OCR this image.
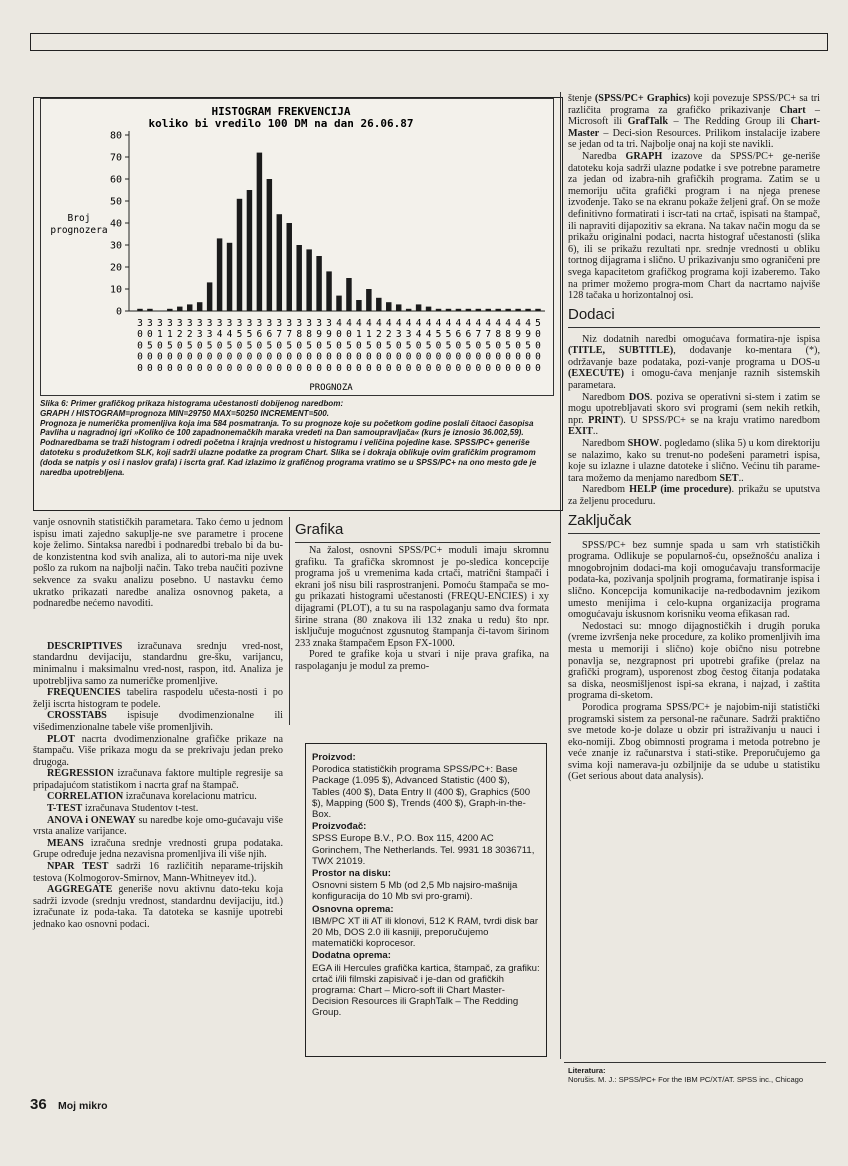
HISTOGRAM FREKVENCIJA
koliko bi vredilo 100 DM na dan 26.06.87
Broj
prognozera
PROGNOZA
0
10
20
30
40
50
60
70
80
3
0
0
0
0
3
0
5
0
0
3
1
0
0
0
3
1
5
0
0
3
2
0
0
0
3
2
5
0
0
3
3
0
0
0
3
3
5
0
0
3
4
0
0
0
3
4
5
0
0
3
5
0
0
0
3
5
5
0
0
3
6
0
0
0
3
6
5
0
0
3
7
0
0
0
3
7
5
0
0
3
8
0
0
0
3
8
5
0
0
3
9
0
0
0
3
9
5
0
0
4
0
0
0
0
4
0
5
0
0
4
1
0
0
0
4
1
5
0
0
4
2
0
0
0
4
2
5
0
0
4
3
0
0
0
4
3
5
0
0
4
4
0
0
0
4
4
5
0
0
4
5
0
0
0
4
5
5
0
0
4
6
0
0
0
4
6
5
0
0
4
7
0
0
0
4
7
5
0
0
4
8
0
0
0
4
8
5
0
0
4
9
0
0
0
4
9
5
0
0
5
0
0
0
0

Slika 6: Primer grafičkog prikaza histograma učestanosti dobijenog naredbom:

GRAPH / HISTOGRAM=prognoza MIN=29750 MAX=50250 INCREMENT=500.

Prognoza je numerička promenljiva koja ima 584 posmatranja. To su prognoze koje su početkom godine poslali čitaoci časopisa Pavliha u nagradnoj igri »Koliko će 100 zapadnonemačkih maraka vredeti na Dan samoupravljača« (kurs je iznosio 36.002,59). Podnaredbama se traži histogram i odredi početna i krajnja vrednost u histogramu i veličina pojedine kase. SPSS/PC+ generiše datoteku s produžetkom SLK, koji sadrži ulazne podatke za program Chart. Slika se i dokraja oblikuje ovim grafičkim programom (doda se natpis y osi i naslov grafa) i iscrta graf. Kad izlazimo iz grafičnog programa vratimo se u SPSS/PC+ na ono mesto gde je naredba upotrebljena.

vanje osnovnih statističkih parametara. Tako ćemo u jednom ispisu imati zajedno sakuplje-ne sve parametre i procene koje želimo. Sintaksa naredbi i podnaredbi trebalo bi da bu-de konzistentna kod svih analiza, ali to autori-ma nije uvek pošlo za rukom na najbolji način. Tako treba naučiti pozivne sekvence za svaku analizu posebno. U nastavku ćemo ukratko prikazati naredbe analiza osnovnog paketa, a podnaredbe nećemo navoditi.

DESCRIPTIVES izračunava srednju vred-nost, standardnu devijaciju, standardnu gre-šku, varijancu, minimalnu i maksimalnu vred-nost, raspon, itd. Analiza je upotrebljiva samo za numeričke promenljive.

FREQUENCIES tabelira raspodelu učesta-nosti i po želji iscrta histogram te podele.

CROSSTABS ispisuje dvodimenzionalne ili višedimenzionalne tabele više promenljivih.

PLOT nacrta dvodimenzionalne grafičke prikaze na štampaču. Više prikaza mogu da se prekrivaju jedan preko drugoga.

REGRESSION izračunava faktore multiple regresije sa pripadajućom statistikom i nacrta graf na štampač.

CORRELATION izračunava korelacionu matricu.

T-TEST izračunava Studentov t-test.

ANOVA i ONEWAY su naredbe koje omo-gućavaju više vrsta analize varijance.

MEANS izračuna srednje vrednosti grupa podataka. Grupe određuje jedna nezavisna promenljiva ili više njih.

NPAR TEST sadrži 16 različitih neparame-trijskih testova (Kolmogorov-Smirnov, Mann-Whitneyev itd.).

AGGREGATE generiše novu aktivnu dato-teku koja sadrži izvode (srednju vrednost, standardnu devijaciju, itd.) izračunate iz poda-taka. Ta datoteka se kasnije upotrebi jednako kao osnovni podaci.

Grafika

Na žalost, osnovni SPSS/PC+ moduli imaju skromnu grafiku. Ta grafička skromnost je po-sledica koncepcije programa još u vremenima kada crtači, matrični štampači i ekrani još nisu bili rasprostranjeni. Pomoću štampača se mo-gu prikazati histogrami učestanosti (FREQU-ENCIES) i xy dijagrami (PLOT), a tu su na raspolaganju samo dva formata širine strana (80 znakova ili 132 znaka u redu) što npr. isključuje mogućnost zgusnutog štampanja či-tavom širinom 233 znaka štampačem Epson FX-1000.

Pored te grafike koja u stvari i nije prava grafika, na raspolaganju je modul za premo-

Proizvod:

Porodica statističkih programa SPSS/PC+: Base Package (1.095 $), Advanced Statistic (400 $), Tables (400 $), Data Entry II (400 $), Graphics (500 $), Mapping (500 $), Trends (400 $), Graph-in-the-Box.

Proizvođač:

SPSS Europe B.V., P.O. Box 115, 4200 AC Gorinchem, The Netherlands. Tel. 9931 18 3036711, TWX 21019.

Prostor na disku:

Osnovni sistem 5 Mb (od 2,5 Mb najsiro-mašnija konfiguracija do 10 Mb svi pro-grami).

Osnovna oprema:

IBM/PC XT ili AT ili klonovi, 512 K RAM, tvrdi disk bar 20 Mb, DOS 2.0 ili kasniji, preporučujemo matematički koprocesor.

Dodatna oprema:

EGA ili Hercules grafička kartica, štampač, za grafiku: crtač i/ili filmski zapisivač i je-dan od grafičkih programa: Chart – Micro-soft ili Chart Master-Decision Resources ili GraphTalk – The Redding Group.

štenje (SPSS/PC+ Graphics) koji povezuje SPSS/PC+ sa tri različita programa za grafičko prikazivanje Chart – Microsoft ili GrafTalk – The Redding Group ili Chart-Master – Deci-sion Resources. Prilikom instalacije izabere se jedan od ta tri. Najbolje onaj na koji ste navikli.

Naredba GRAPH izazove da SPSS/PC+ ge-neriše datoteku koja sadrži ulazne podatke i sve potrebne parametre za jedan od izabra-nih grafičkih programa. Zatim se u memoriju učita grafički program i na njega prenese izvođenje. Tako se na ekranu pokaže željeni graf. On se može definitivno formatirati i iscr-tati na crtač, ispisati na štampač, ili napraviti dijapozitiv sa ekrana. Na takav način mogu da se prikažu originalni podaci, nacrta histograf učestanosti (slika 6), ili se prikažu rezultati npr. srednje vrednosti u obliku tortnog dijagrama i slično. U prikazivanju smo ograničeni pre svega kapacitetom grafičkog programa koji izaberemo. Tako na primer možemo progra-mom Chart da nacrtamo najviše 128 tačaka u horizontalnoj osi.

Dodaci

Niz dodatnih naredbi omogućava formatira-nje ispisa (TITLE, SUBTITLE), dodavanje ko-mentara (*), održavanje baze podataka, pozi-vanje programa u DOS-u (EXECUTE) i omogu-ćava menjanje raznih sistemskih parametara.

Naredbom DOS. poziva se operativni si-stem i zatim se mogu upotrebljavati skoro svi programi (sem nekih retkih, npr. PRINT). U SPSS/PC+ se na kraju vratimo naredbom EXIT..

Naredbom SHOW. pogledamo (slika 5) u kom direktoriju se nalazimo, kako su trenut-no podešeni parametri ispisa, koje su izlazne i ulazne datoteke i slično. Većinu tih parame-tara možemo da menjamo naredbom SET..

Naredbom HELP (ime procedure). prikažu se uputstva za željenu proceduru.

Zaključak

SPSS/PC+ bez sumnje spada u sam vrh statističkih programa. Odlikuje se popularnoš-ću, opsežnošću analiza i mnogobrojnim dodaci-ma koji omogućavaju transformacije podata-ka, pozivanja spoljnih programa, formatiranje ispisa i slično. Koncepcija komunikacije na-redbodavnim jezikom umesto menijima i celo-kupna organizacija programa omogućavaju iskusnom korisniku veoma efikasan rad.

Nedostaci su: mnogo dijagnostičkih i drugih poruka (vreme izvršenja neke procedure, za koliko promenljivih ima mesta u memoriji i slično) koje obično nisu potrebne ponavlja se, nezgrapnost pri upotrebi grafike (prelaz na grafički program), usporenost zbog čestog čitanja podataka sa diska, neosmišljenost ispi-sa ekrana, i najzad, i zaštita programa di-sketom.

Porodica programa SPSS/PC+ je najobim-niji statistički programski sistem za personal-ne računare. Sadrži praktično sve metode ko-je dolaze u obzir pri istraživanju u nauci i eko-nomiji. Zbog obimnosti programa i metoda potrebno je veće znanje iz računarstva i stati-stike. Preporučujemo ga svima koji namerava-ju ozbiljnije da se udube u statistiku (Get serious about data analysis).

Literatura:
Norušis. M. J.: SPSS/PC+ For the IBM PC/XT/AT. SPSS inc., Chicago
36 Moj mikro
